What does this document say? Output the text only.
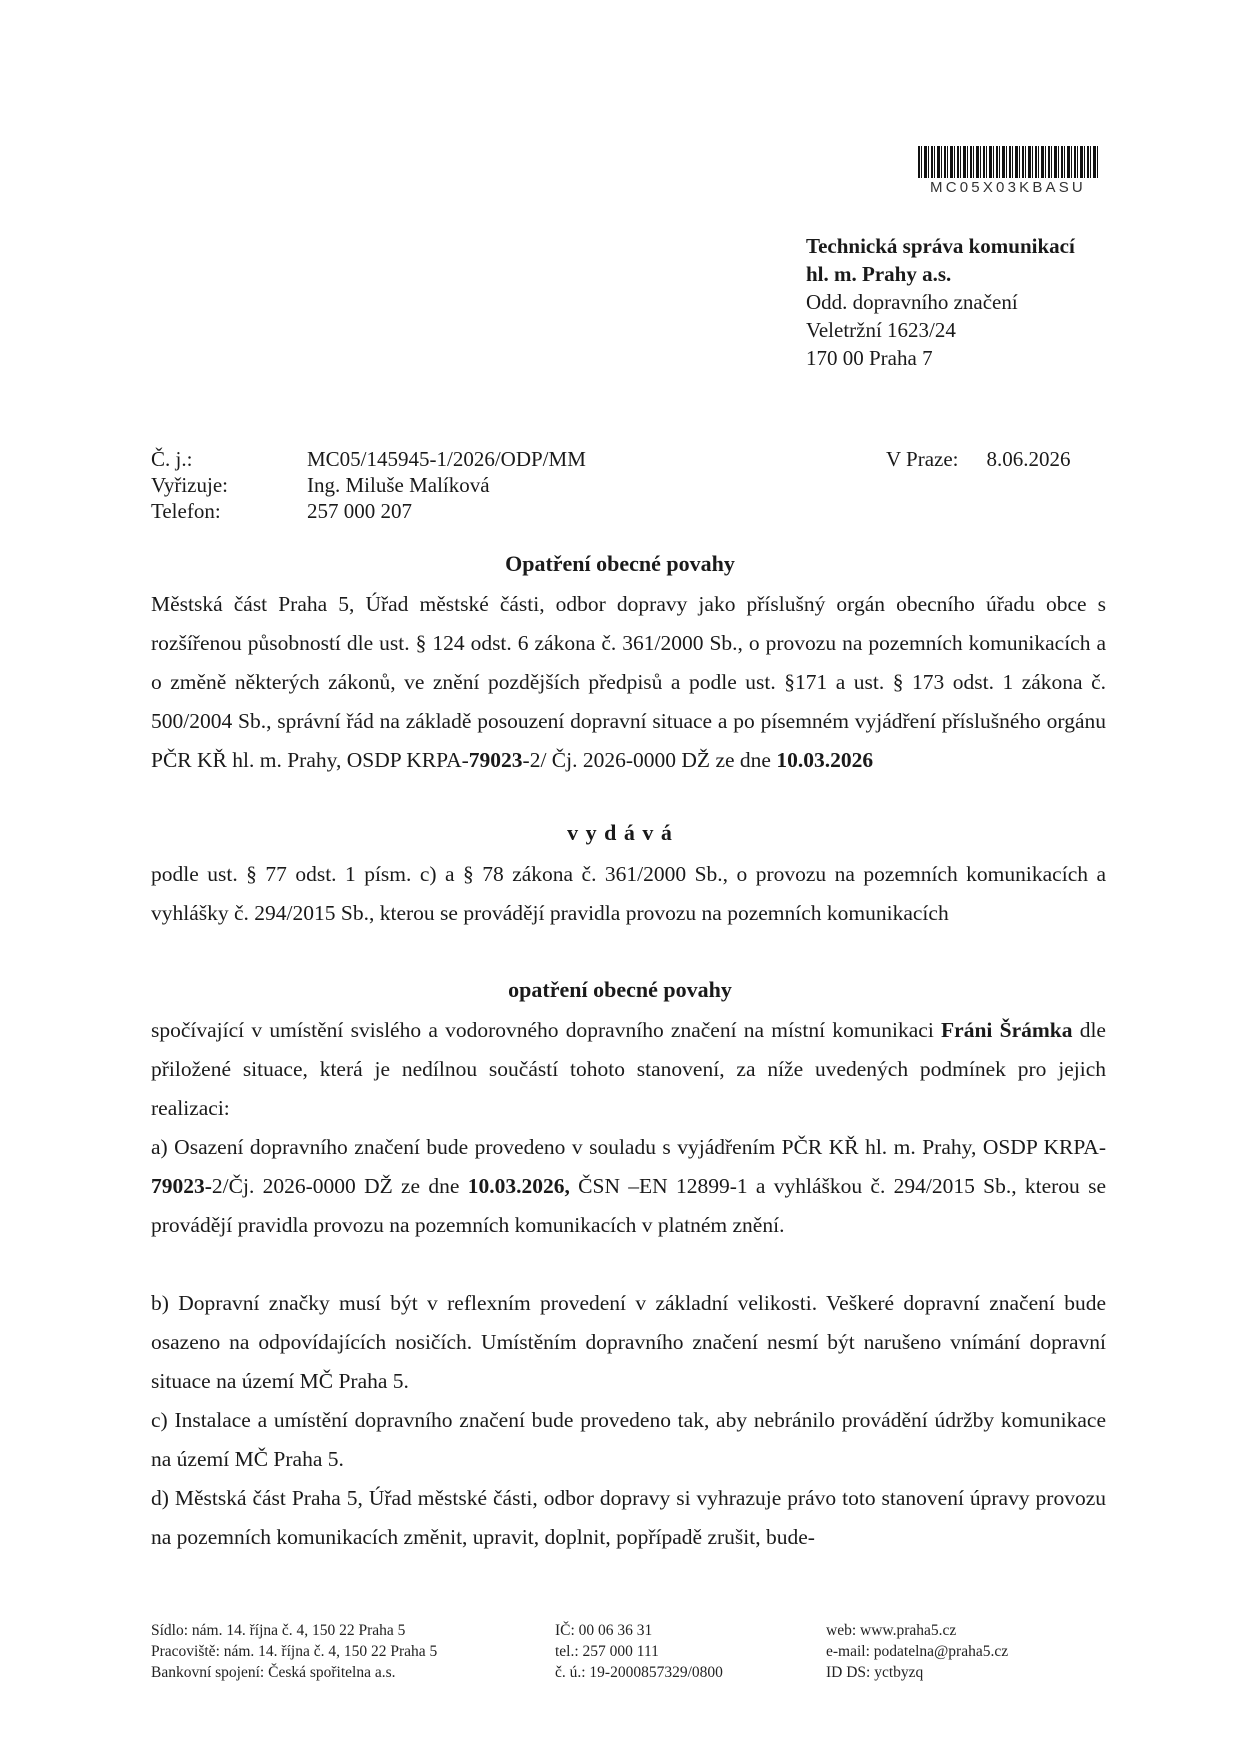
MC05X03KBASU
Technická správa komunikací
hl. m. Prahy a.s.
Odd. dopravního značení
Veletržní 1623/24
170 00 Praha 7
Č. j.:
Vyřizuje:
Telefon:
MC05/145945-1/2026/ODP/MM
Ing. Miluše Malíková
257 000 207
V Praze: 8.06.2026
Opatření obecné povahy
Městská část Praha 5, Úřad městské části, odbor dopravy jako příslušný orgán obecního úřadu obce s rozšířenou působností dle ust. § 124 odst. 6 zákona č. 361/2000 Sb., o provozu na pozemních komunikacích a o změně některých zákonů, ve znění pozdějších předpisů a podle ust. §171 a ust. § 173 odst. 1 zákona č. 500/2004 Sb., správní řád na základě posouzení dopravní situace a po písemném vyjádření příslušného orgánu PČR KŘ hl. m. Prahy, OSDP KRPA-79023-2/ Čj. 2026-0000 DŽ ze dne 10.03.2026
v y d á v á
podle ust. § 77 odst. 1 písm. c) a § 78 zákona č. 361/2000 Sb., o provozu na pozemních komunikacích a vyhlášky č. 294/2015 Sb., kterou se provádějí pravidla provozu na pozemních komunikacích
opatření obecné povahy
spočívající v umístění svislého a vodorovného dopravního značení na místní komunikaci Fráni Šrámka dle přiložené situace, která je nedílnou součástí tohoto stanovení, za níže uvedených podmínek pro jejich realizaci:
a) Osazení dopravního značení bude provedeno v souladu s vyjádřením PČR KŘ hl. m. Prahy, OSDP KRPA-79023-2/Čj. 2026-0000 DŽ ze dne 10.03.2026, ČSN –EN 12899-1 a vyhláškou č. 294/2015 Sb., kterou se provádějí pravidla provozu na pozemních komunikacích v platném znění.
b) Dopravní značky musí být v reflexním provedení v základní velikosti. Veškeré dopravní značení bude osazeno na odpovídajících nosičích. Umístěním dopravního značení nesmí být narušeno vnímání dopravní situace na území MČ Praha 5.
c) Instalace a umístění dopravního značení bude provedeno tak, aby nebránilo provádění údržby komunikace na území MČ Praha 5.
d) Městská část Praha 5, Úřad městské části, odbor dopravy si vyhrazuje právo toto stanovení úpravy provozu na pozemních komunikacích změnit, upravit, doplnit, popřípadě zrušit, bude-
Sídlo: nám. 14. října č. 4, 150 22 Praha 5
Pracoviště: nám. 14. října č. 4, 150 22 Praha 5
Bankovní spojení: Česká spořitelna a.s.
IČ: 00 06 36 31
tel.: 257 000 111
č. ú.: 19-2000857329/0800
web: www.praha5.cz
e-mail: podatelna@praha5.cz
ID DS: yctbyzq
